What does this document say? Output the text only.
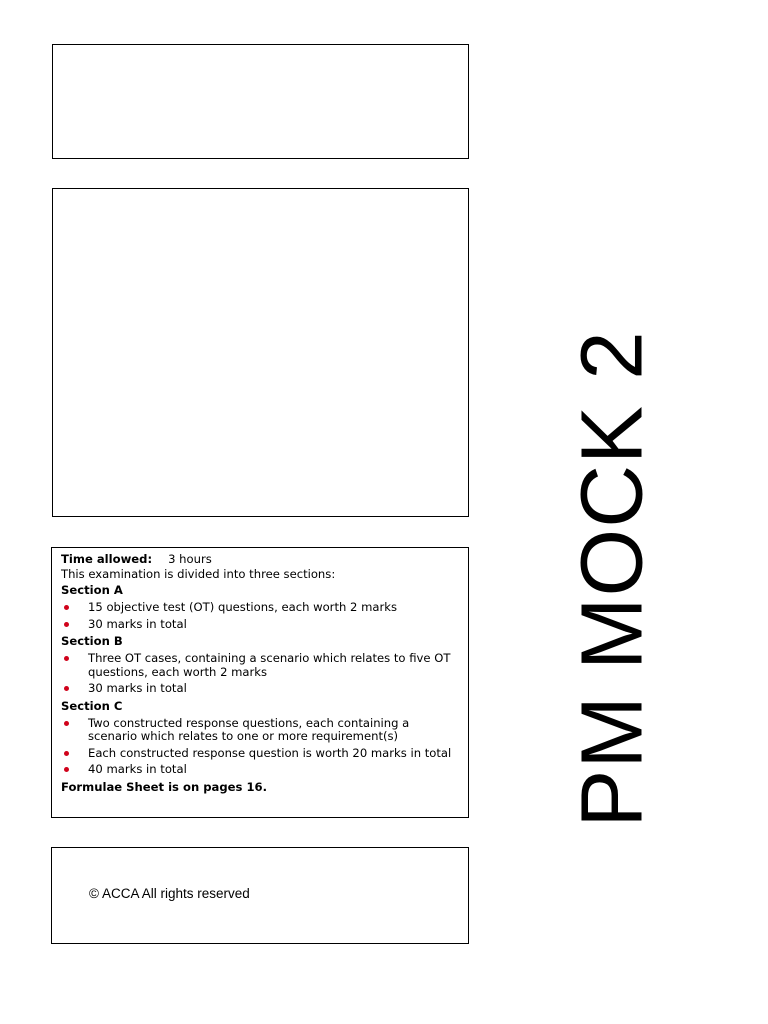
Time allowed: 3 hours

This examination is divided into three sections:

Section A

15 objective test (OT) questions, each worth 2 marks
30 marks in total

Section B

Three OT cases, containing a scenario which relates to five OT questions, each worth 2 marks
30 marks in total

Section C

Two constructed response questions, each containing a scenario which relates to one or more requirement(s)
Each constructed response question is worth 20 marks in total
40 marks in total

Formulae Sheet is on pages 16.

© ACCA All rights reserved
PM MOCK 2
